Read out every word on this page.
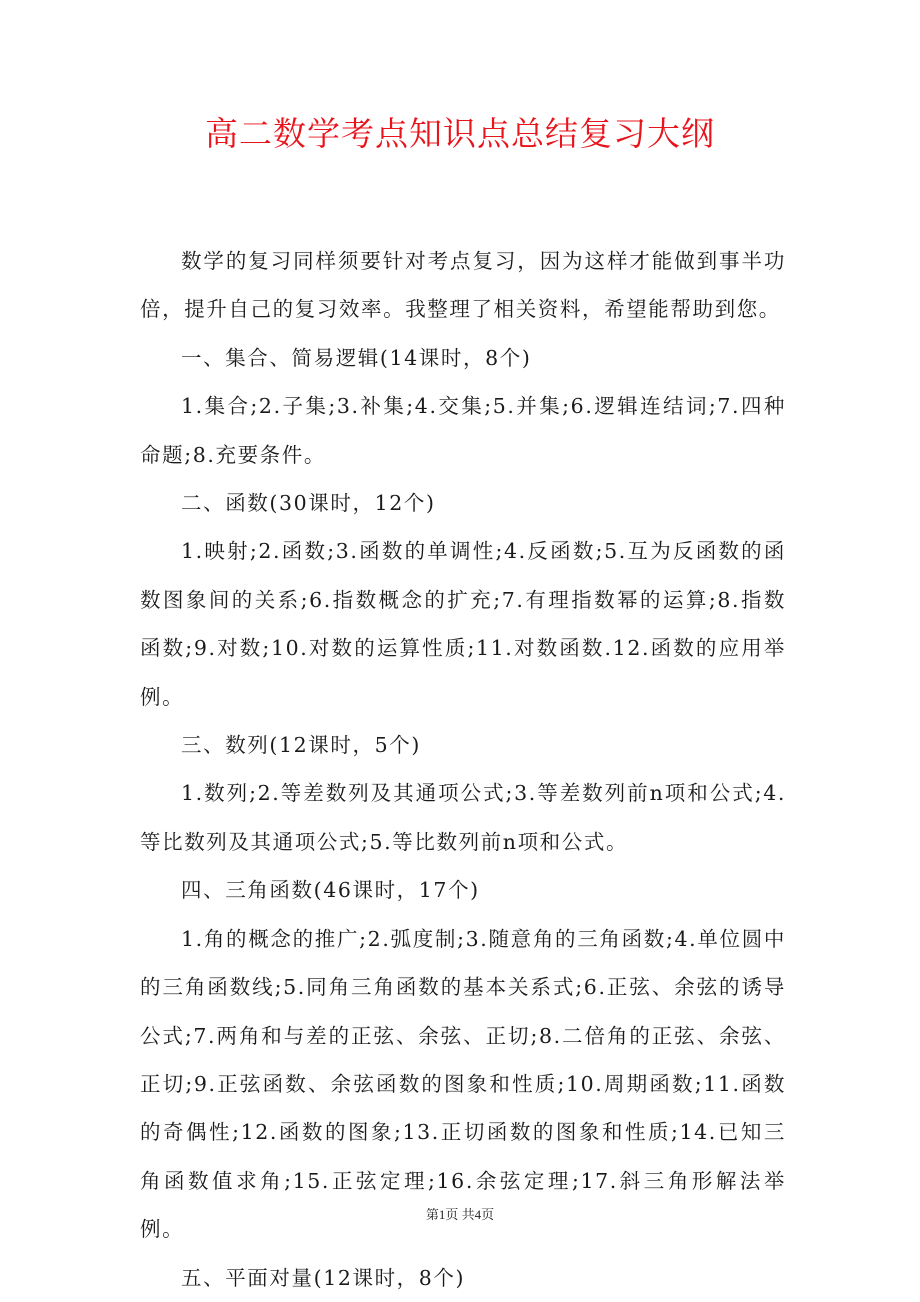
高二数学考点知识点总结复习大纲

数学的复习同样须要针对考点复习，因为这样才能做到事半功倍，提升自己的复习效率。我整理了相关资料，希望能帮助到您。

一、集合、简易逻辑(14课时，8个)

1.集合;2.子集;3.补集;4.交集;5.并集;6.逻辑连结词;7.四种命题;8.充要条件。

二、函数(30课时，12个)

1.映射;2.函数;3.函数的单调性;4.反函数;5.互为反函数的函数图象间的关系;6.指数概念的扩充;7.有理指数幂的运算;8.指数函数;9.对数;10.对数的运算性质;11.对数函数.12.函数的应用举例。

三、数列(12课时，5个)

1.数列;2.等差数列及其通项公式;3.等差数列前n项和公式;4.等比数列及其通项公式;5.等比数列前n项和公式。

四、三角函数(46课时，17个)

1.角的概念的推广;2.弧度制;3.随意角的三角函数;4.单位圆中的三角函数线;5.同角三角函数的基本关系式;6.正弦、余弦的诱导公式;7.两角和与差的正弦、余弦、正切;8.二倍角的正弦、余弦、正切;9.正弦函数、余弦函数的图象和性质;10.周期函数;11.函数的奇偶性;12.函数的图象;13.正切函数的图象和性质;14.已知三角函数值求角;15.正弦定理;16.余弦定理;17.斜三角形解法举例。

五、平面对量(12课时，8个)

第1页 共4页
